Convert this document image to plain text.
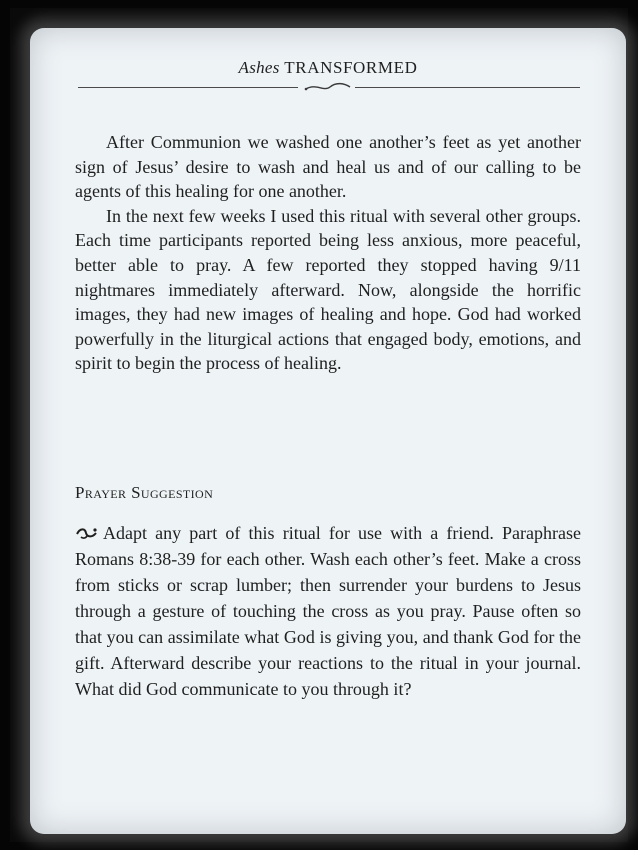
Ashes TRANSFORMED

After Communion we washed one another’s feet as yet another sign of Jesus’ desire to wash and heal us and of our calling to be agents of this healing for one another.

In the next few weeks I used this ritual with several other groups. Each time participants reported being less anxious, more peaceful, better able to pray. A few reported they stopped having 9/11 nightmares immediately afterward. Now, alongside the horrific images, they had new images of healing and hope. God had worked powerfully in the liturgical actions that engaged body, emotions, and spirit to begin the process of healing.

Prayer Suggestion

Adapt any part of this ritual for use with a friend. Paraphrase Romans 8:38-39 for each other. Wash each other’s feet. Make a cross from sticks or scrap lumber; then surrender your burdens to Jesus through a gesture of touching the cross as you pray. Pause often so that you can assimilate what God is giving you, and thank God for the gift. Afterward describe your reactions to the ritual in your journal. What did God communicate to you through it?
